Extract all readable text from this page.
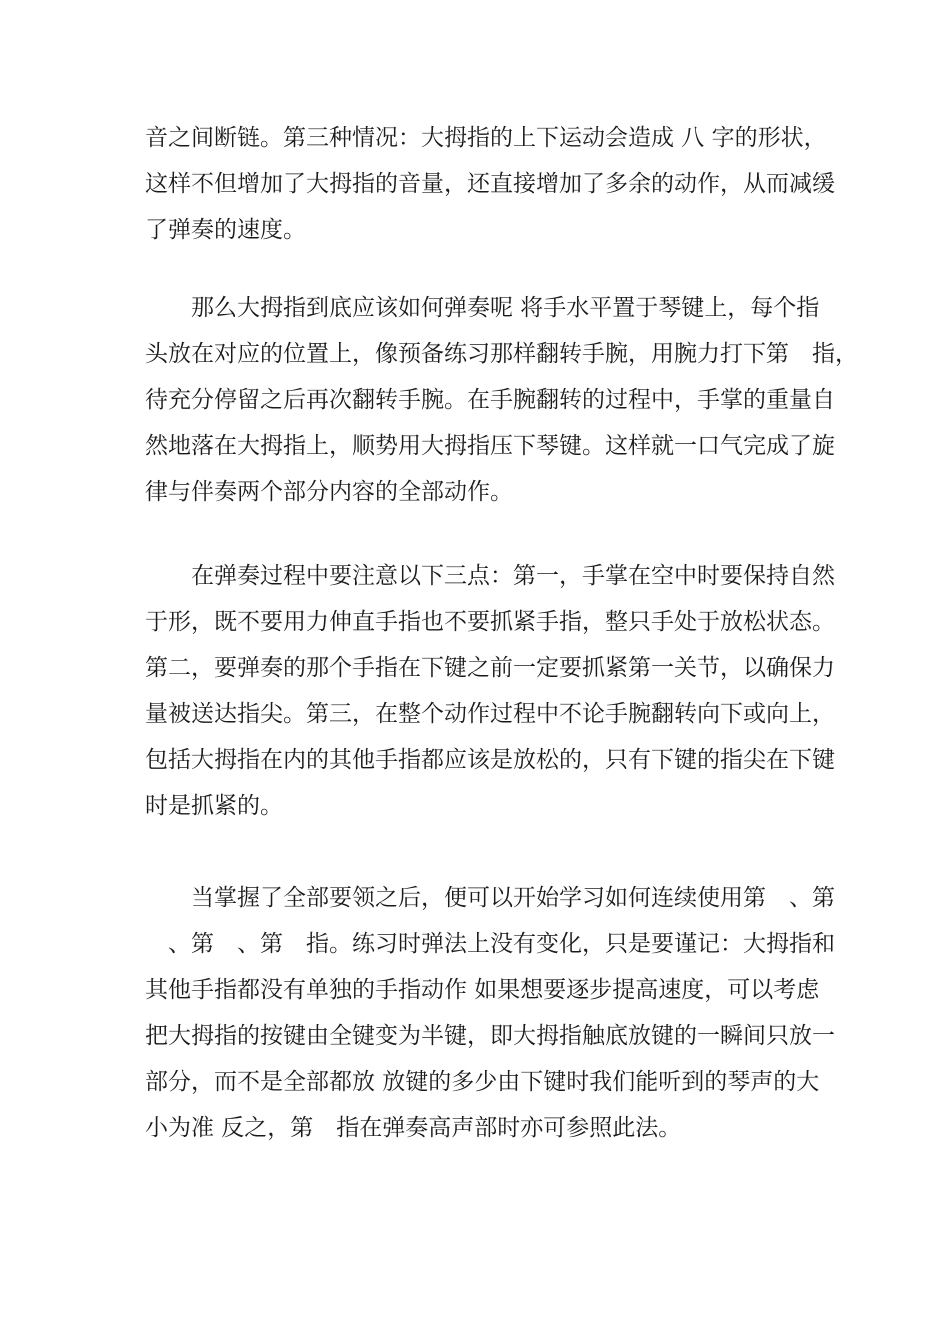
音之间断链。第三种情况：大拇指的上下运动会造成 八 字的形状，
这样不但增加了大拇指的音量，还直接增加了多余的动作，从而减缓
了弹奏的速度。
那么大拇指到底应该如何弹奏呢 将手水平置于琴键上，每个指
头放在对应的位置上，像预备练习那样翻转手腕，用腕力打下第　指，
待充分停留之后再次翻转手腕。在手腕翻转的过程中，手掌的重量自
然地落在大拇指上，顺势用大拇指压下琴键。这样就一口气完成了旋
律与伴奏两个部分内容的全部动作。
在弹奏过程中要注意以下三点：第一，手掌在空中时要保持自然
于形，既不要用力伸直手指也不要抓紧手指，整只手处于放松状态。
第二，要弹奏的那个手指在下键之前一定要抓紧第一关节，以确保力
量被送达指尖。第三，在整个动作过程中不论手腕翻转向下或向上，
包括大拇指在内的其他手指都应该是放松的，只有下键的指尖在下键
时是抓紧的。
当掌握了全部要领之后，便可以开始学习如何连续使用第　、第
　、第　、第　指。练习时弹法上没有变化，只是要谨记：大拇指和
其他手指都没有单独的手指动作 如果想要逐步提高速度，可以考虑
把大拇指的按键由全键变为半键，即大拇指触底放键的一瞬间只放一
部分，而不是全部都放 放键的多少由下键时我们能听到的琴声的大
小为准 反之，第　指在弹奏高声部时亦可参照此法。
